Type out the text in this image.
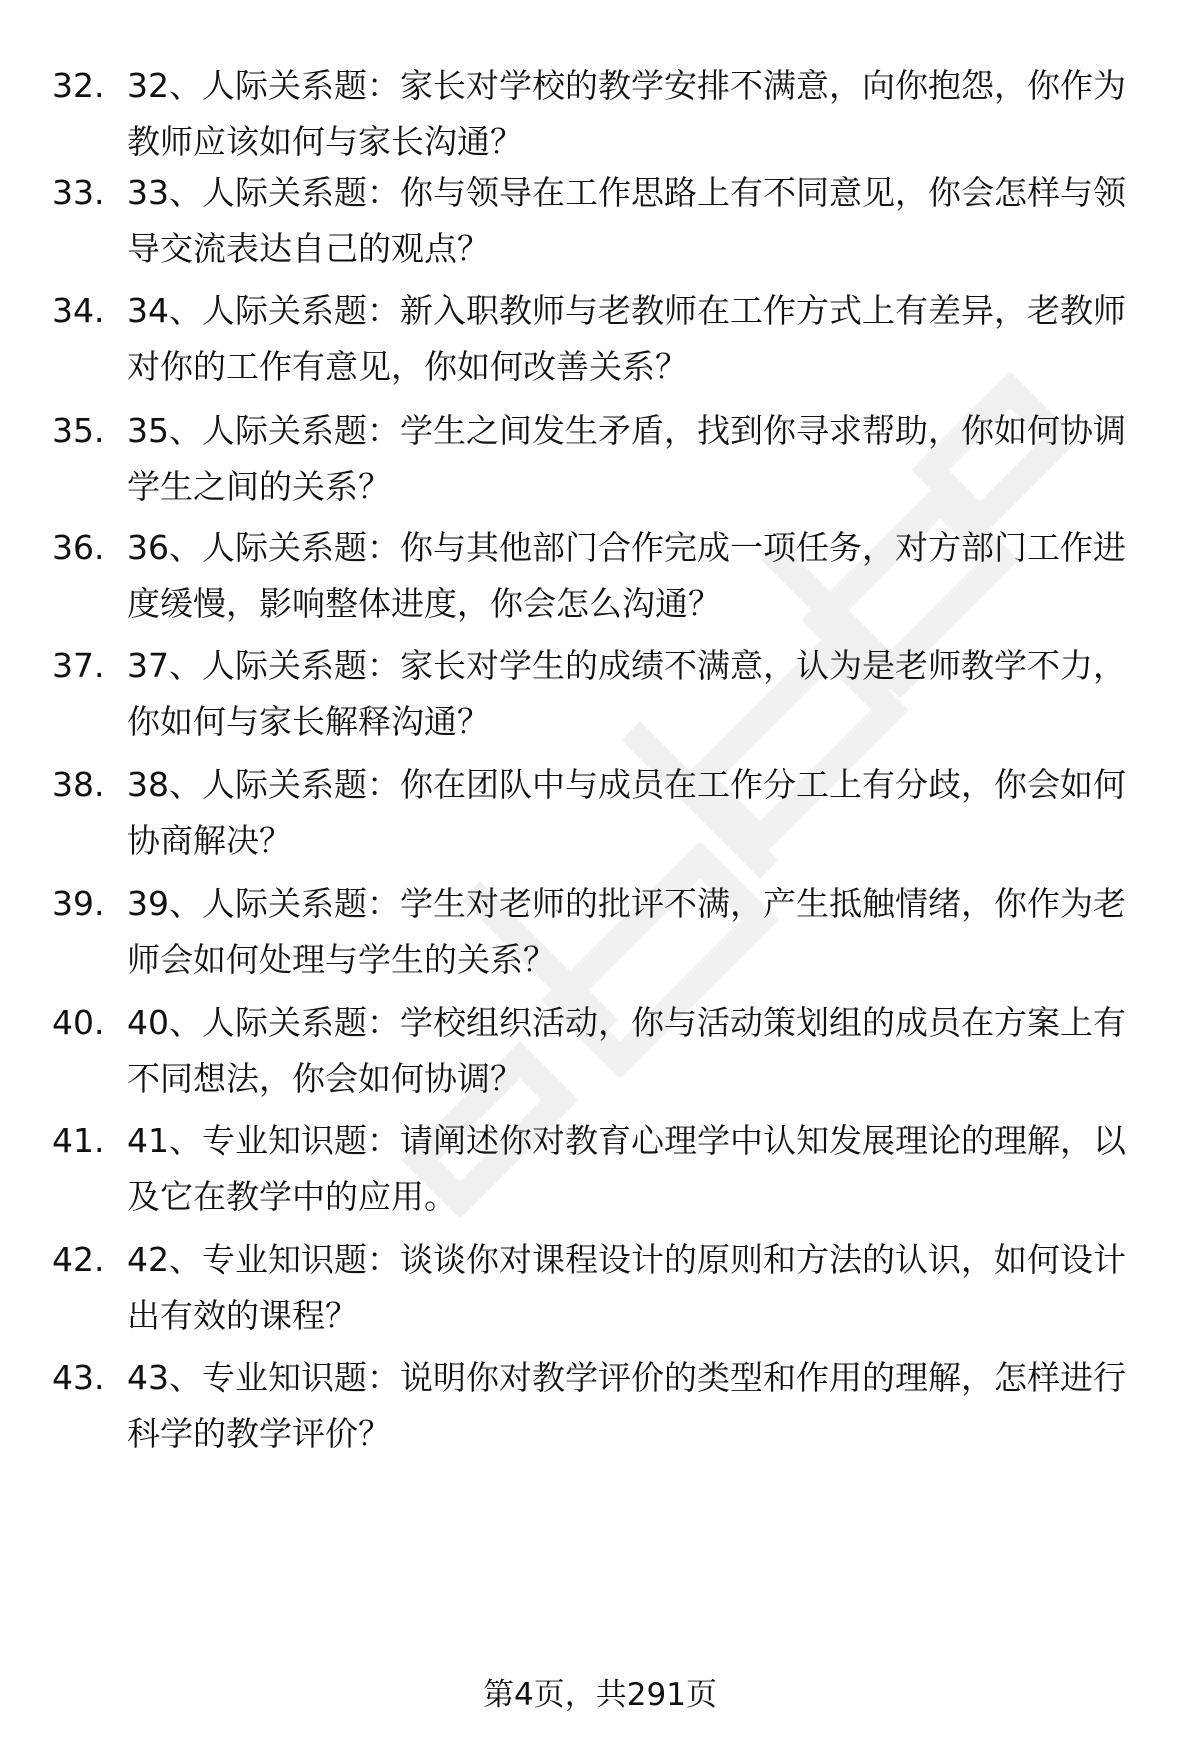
32. 32、人际关系题：家长对学校的教学安排不满意，向你抱怨，你作为教师应该如何与家长沟通？
33. 33、人际关系题：你与领导在工作思路上有不同意见，你会怎样与领导交流表达自己的观点？
34. 34、人际关系题：新入职教师与老教师在工作方式上有差异，老教师对你的工作有意见，你如何改善关系？
35. 35、人际关系题：学生之间发生矛盾，找到你寻求帮助，你如何协调学生之间的关系？
36. 36、人际关系题：你与其他部门合作完成一项任务，对方部门工作进度缓慢，影响整体进度，你会怎么沟通？
37. 37、人际关系题：家长对学生的成绩不满意，认为是老师教学不力，你如何与家长解释沟通？
38. 38、人际关系题：你在团队中与成员在工作分工上有分歧，你会如何协商解决？
39. 39、人际关系题：学生对老师的批评不满，产生抵触情绪，你作为老师会如何处理与学生的关系？
40. 40、人际关系题：学校组织活动，你与活动策划组的成员在方案上有不同想法，你会如何协调？
41. 41、专业知识题：请阐述你对教育心理学中认知发展理论的理解，以及它在教学中的应用。
42. 42、专业知识题：谈谈你对课程设计的原则和方法的认识，如何设计出有效的课程？
43. 43、专业知识题：说明你对教学评价的类型和作用的理解，怎样进行科学的教学评价？
第4页，共291页
